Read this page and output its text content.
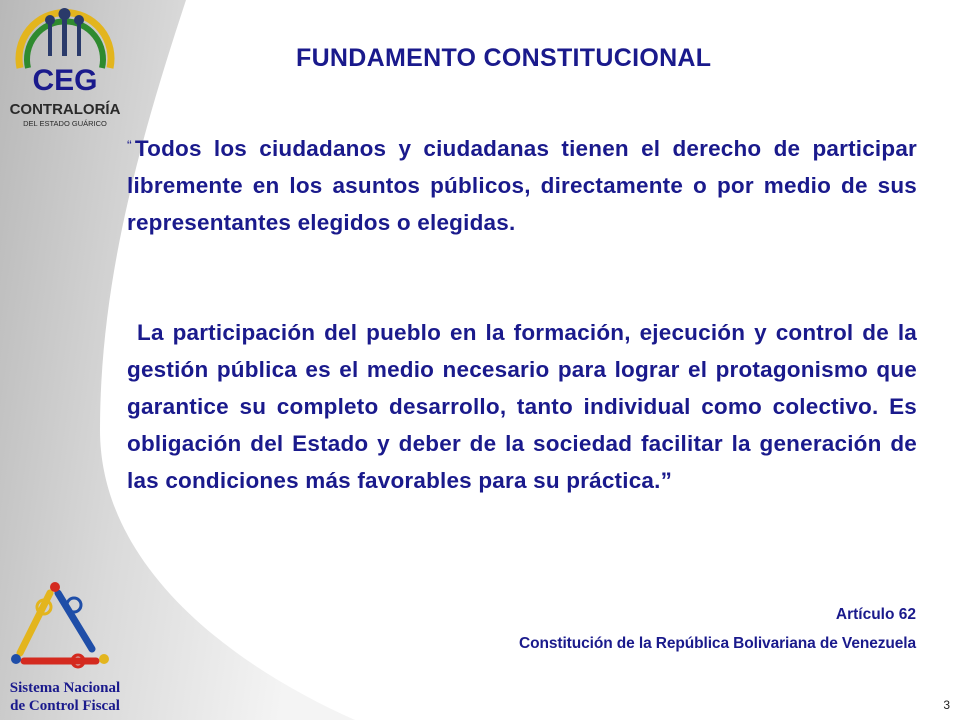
CEG
CONTRALORÍA
DEL ESTADO GUÁRICO
Sistema Nacional
de Control Fiscal
FUNDAMENTO CONSTITUCIONAL
“ Todos los ciudadanos y ciudadanas tienen el derecho de participar libremente en los asuntos públicos, directamente o por medio de sus representantes elegidos o elegidas.
La participación del pueblo en la formación, ejecución y control de la gestión pública es el medio necesario para lograr el protagonismo que garantice su completo desarrollo, tanto individual como colectivo. Es obligación del Estado y deber de la sociedad facilitar la generación de las condiciones más favorables para su práctica.”
Artículo 62
Constitución de la República Bolivariana de Venezuela
3
